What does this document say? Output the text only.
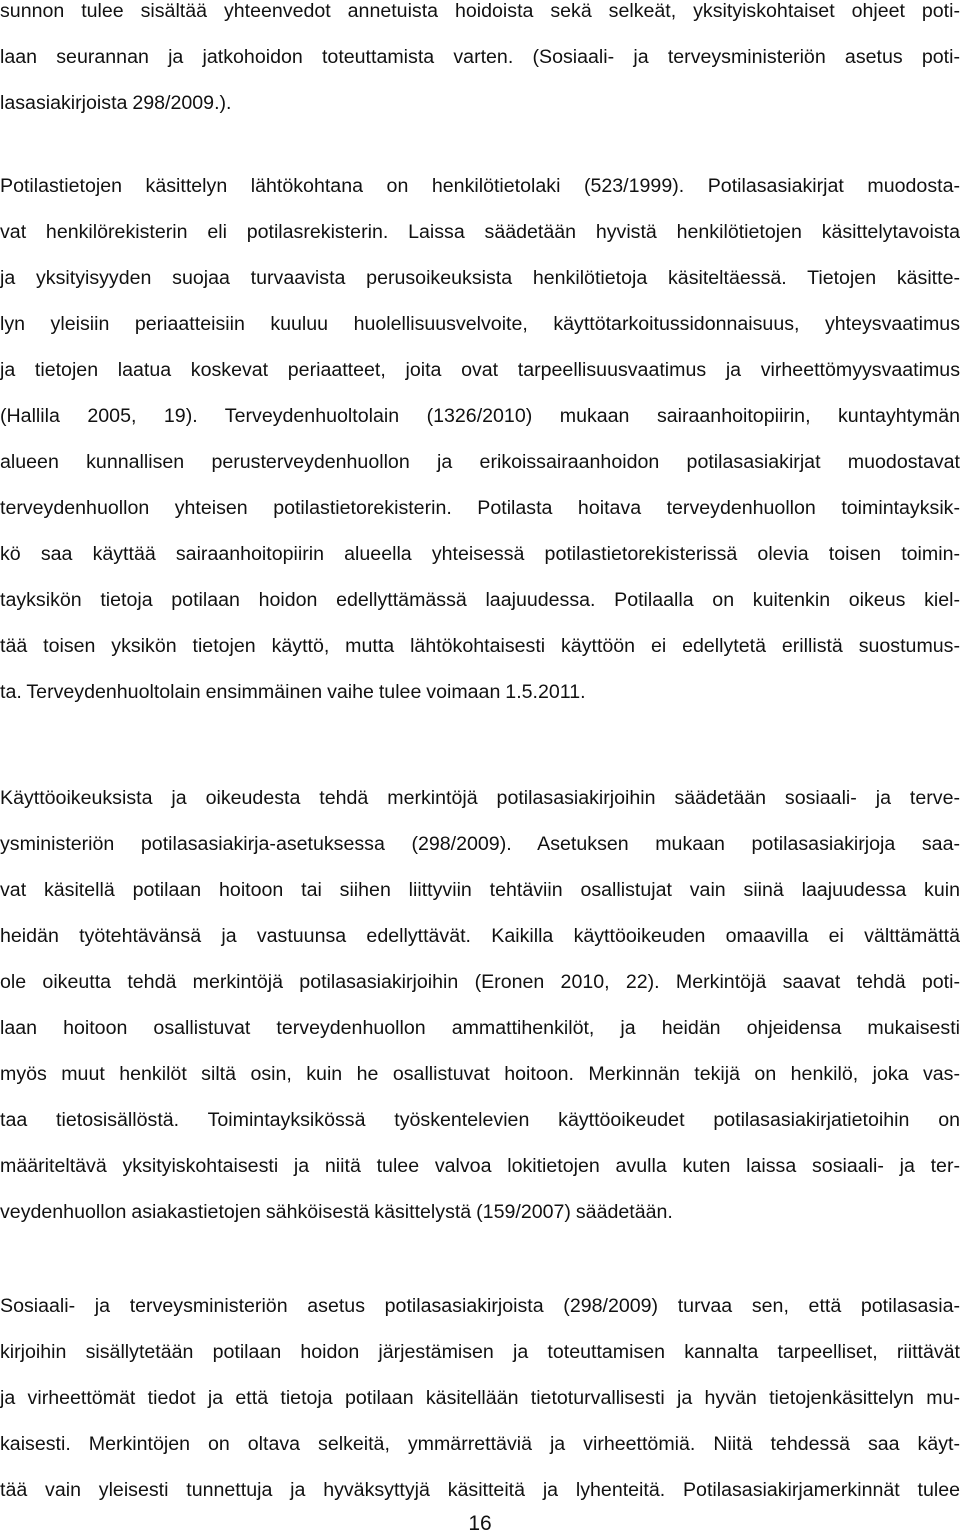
sunnon tulee sisältää yhteenvedot annetuista hoidoista sekä selkeät, yksityiskohtaiset ohjeet poti-
laan seurannan ja jatkohoidon toteuttamista varten. (Sosiaali- ja terveysministeriön asetus poti-
lasasiakirjoista 298/2009.).
Potilastietojen käsittelyn lähtökohtana on henkilötietolaki (523/1999). Potilasasiakirjat muodosta-
vat henkilörekisterin eli potilasrekisterin. Laissa säädetään hyvistä henkilötietojen käsittelytavoista
ja yksityisyyden suojaa turvaavista perusoikeuksista henkilötietoja käsiteltäessä. Tietojen käsitte-
lyn yleisiin periaatteisiin kuuluu huolellisuusvelvoite, käyttötarkoitussidonnaisuus, yhteysvaatimus
ja tietojen laatua koskevat periaatteet, joita ovat tarpeellisuusvaatimus ja virheettömyysvaatimus
(Hallila 2005, 19). Terveydenhuoltolain (1326/2010) mukaan sairaanhoitopiirin, kuntayhtymän
alueen kunnallisen perusterveydenhuollon ja erikoissairaanhoidon potilasasiakirjat muodostavat
terveydenhuollon yhteisen potilastietorekisterin. Potilasta hoitava terveydenhuollon toimintayksik-
kö saa käyttää sairaanhoitopiirin alueella yhteisessä potilastietorekisterissä olevia toisen toimin-
tayksikön tietoja potilaan hoidon edellyttämässä laajuudessa. Potilaalla on kuitenkin oikeus kiel-
tää toisen yksikön tietojen käyttö, mutta lähtökohtaisesti käyttöön ei edellytetä erillistä suostumus-
ta. Terveydenhuoltolain ensimmäinen vaihe tulee voimaan 1.5.2011.
Käyttöoikeuksista ja oikeudesta tehdä merkintöjä potilasasiakirjoihin säädetään sosiaali- ja terve-
ysministeriön potilasasiakirja-asetuksessa (298/2009). Asetuksen mukaan potilasasiakirjoja saa-
vat käsitellä potilaan hoitoon tai siihen liittyviin tehtäviin osallistujat vain siinä laajuudessa kuin
heidän työtehtävänsä ja vastuunsa edellyttävät. Kaikilla käyttöoikeuden omaavilla ei välttämättä
ole oikeutta tehdä merkintöjä potilasasiakirjoihin (Eronen 2010, 22). Merkintöjä saavat tehdä poti-
laan hoitoon osallistuvat terveydenhuollon ammattihenkilöt, ja heidän ohjeidensa mukaisesti
myös muut henkilöt siltä osin, kuin he osallistuvat hoitoon. Merkinnän tekijä on henkilö, joka vas-
taa tietosisällöstä. Toimintayksikössä työskentelevien käyttöoikeudet potilasasiakirjatietoihin on
määriteltävä yksityiskohtaisesti ja niitä tulee valvoa lokitietojen avulla kuten laissa sosiaali- ja ter-
veydenhuollon asiakastietojen sähköisestä käsittelystä (159/2007) säädetään.
Sosiaali- ja terveysministeriön asetus potilasasiakirjoista (298/2009) turvaa sen, että potilasasia-
kirjoihin sisällytetään potilaan hoidon järjestämisen ja toteuttamisen kannalta tarpeelliset, riittävät
ja virheettömät tiedot ja että tietoja potilaan käsitellään tietoturvallisesti ja hyvän tietojenkäsittelyn mu-
kaisesti. Merkintöjen on oltava selkeitä, ymmärrettäviä ja virheettömiä. Niitä tehdessä saa käyt-
tää vain yleisesti tunnettuja ja hyväksyttyjä käsitteitä ja lyhenteitä. Potilasasiakirjamerkinnät tulee
16
